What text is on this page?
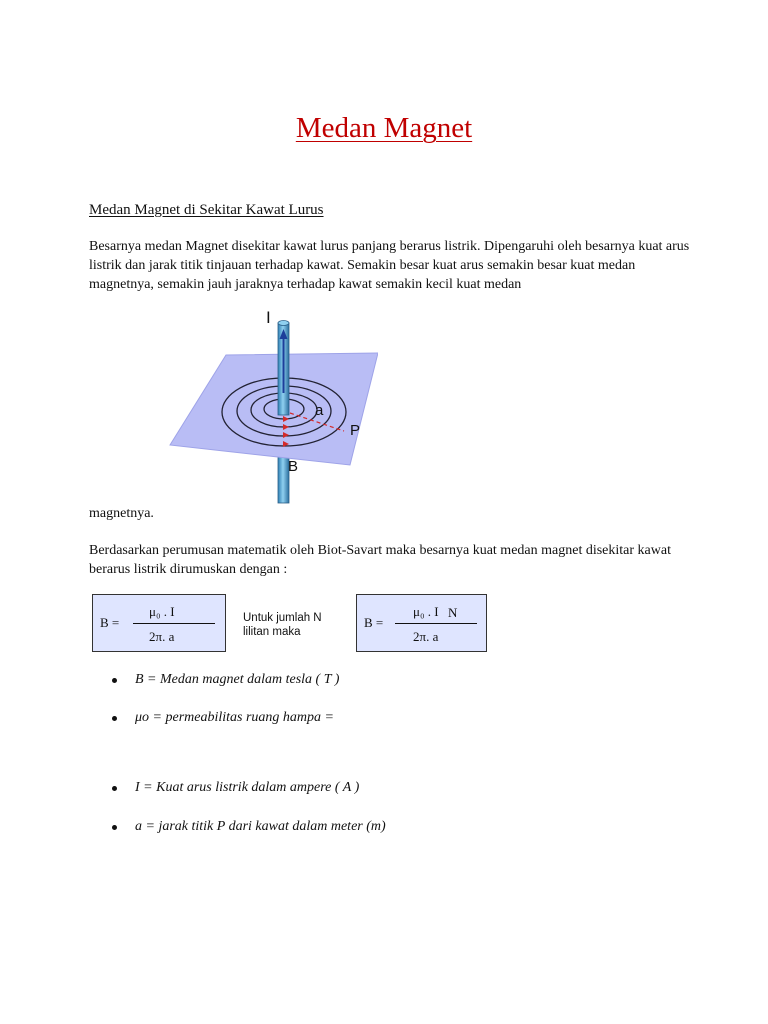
Medan Magnet
Medan Magnet di Sekitar Kawat Lurus

Besarnya medan Magnet disekitar kawat lurus panjang berarus listrik. Dipengaruhi oleh besarnya kuat arus listrik dan jarak titik tinjauan terhadap kawat. Semakin besar kuat arus semakin besar kuat medan magnetnya, semakin jauh jaraknya terhadap kawat semakin kecil kuat medan

I
a
P
B

magnetnya.

Berdasarkan perumusan matematik oleh Biot-Savart maka besarnya kuat medan magnet disekitar kawat berarus listrik dirumuskan dengan :

B =
μ₀ . I
2π. a
Untuk jumlah N
lilitan maka
B =
μ₀ . I N
2π. a
B = Medan magnet dalam tesla ( T )
μo = permeabilitas ruang hampa =
I = Kuat arus listrik dalam ampere ( A )
a = jarak titik P dari kawat dalam meter (m)
